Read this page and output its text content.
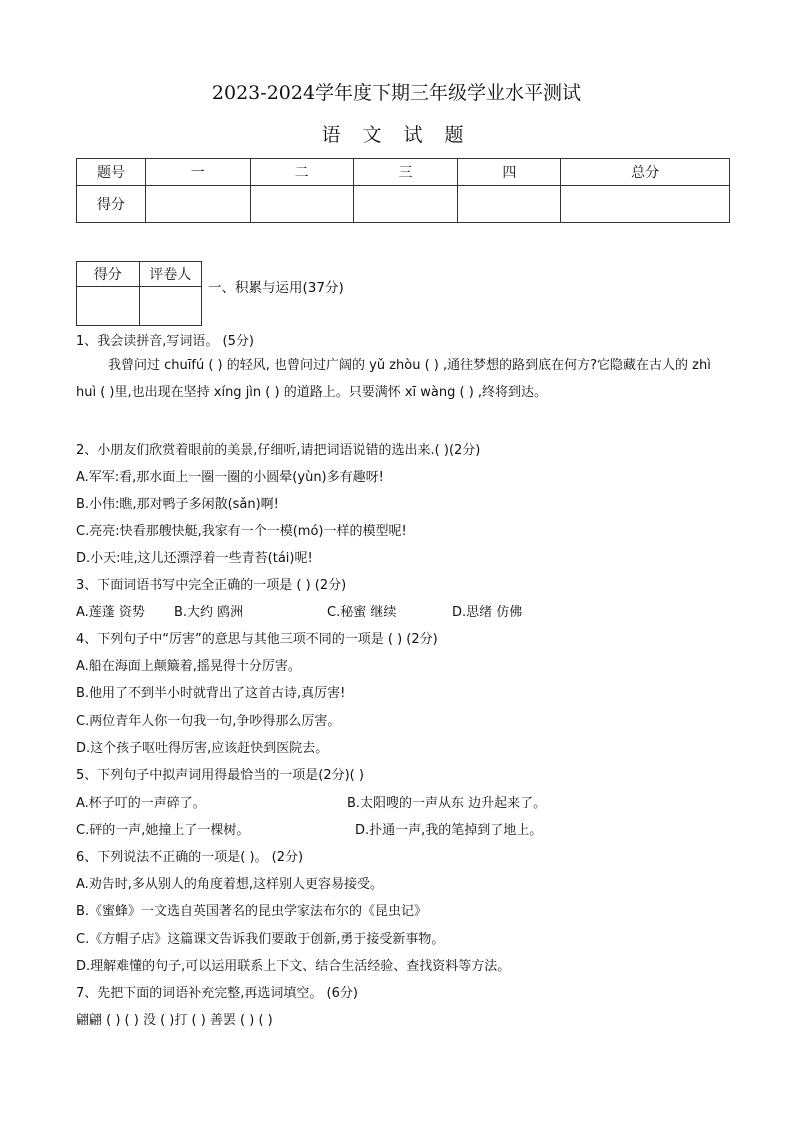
2023-2024学年度下期三年级学业水平测试
语 文 试 题
题号	一	二	三	四	总分
得分					
得分	评卷人

一、积累与运用(37分)
1、我会读拼音,写词语。 (5分)
我曾问过 chuīfú ( ) 的轻风, 也曾问过广阔的 yǔ zhòu ( ) ,通往梦想的路到底在何方?它隐藏在古人的 zhì huì ( )里,也出现在坚持 xíng jìn ( ) 的道路上。只要满怀 xī wàng ( ) ,终将到达。
2、小朋友们欣赏着眼前的美景,仔细听,请把词语说错的选出来.( )(2分)
A.军军:看,那水面上一圈一圈的小圆晕(yùn)多有趣呀!
B.小伟:瞧,那对鸭子多闲散(sǎn)啊!
C.亮亮:快看那艘快艇,我家有一个一模(mó)一样的模型呢!
D.小天:哇,这儿还漂浮着一些青苔(tái)呢!
3、下面词语书写中完全正确的一项是 ( ) (2分)
A.莲蓬 资势 B.大约 鸥洲	C.秘蜜 继续	D.思绪 仿佛
4、下列句子中“厉害”的意思与其他三项不同的一项是 ( ) (2分)
A.船在海面上颠簸着,摇晃得十分厉害。
B.他用了不到半小时就背出了这首古诗,真厉害!
C.两位青年人你一句我一句,争吵得那么厉害。
D.这个孩子呕吐得厉害,应该赶快到医院去。
5、下列句子中拟声词用得最恰当的一项是(2分)( )
A.杯子叮的一声碎了。	B.太阳嗖的一声从东 边升起来了。
C.砰的一声,她撞上了一棵树。	D.扑通一声,我的笔掉到了地上。
6、下列说法不正确的一项是( )。 (2分)
A.劝告时,多从别人的角度着想,这样别人更容易接受。
B.《蜜蜂》一文选自英国著名的昆虫学家法布尔的《昆虫记》
C.《方帽子店》这篇课文告诉我们要敢于创新,勇于接受新事物。
D.理解难懂的句子,可以运用联系上下文、结合生活经验、查找资料等方法。
7、先把下面的词语补充完整,再选词填空。 (6分)
翩翩 ( ) ( ) 没 ( )打 ( ) 善罢 ( ) ( )
